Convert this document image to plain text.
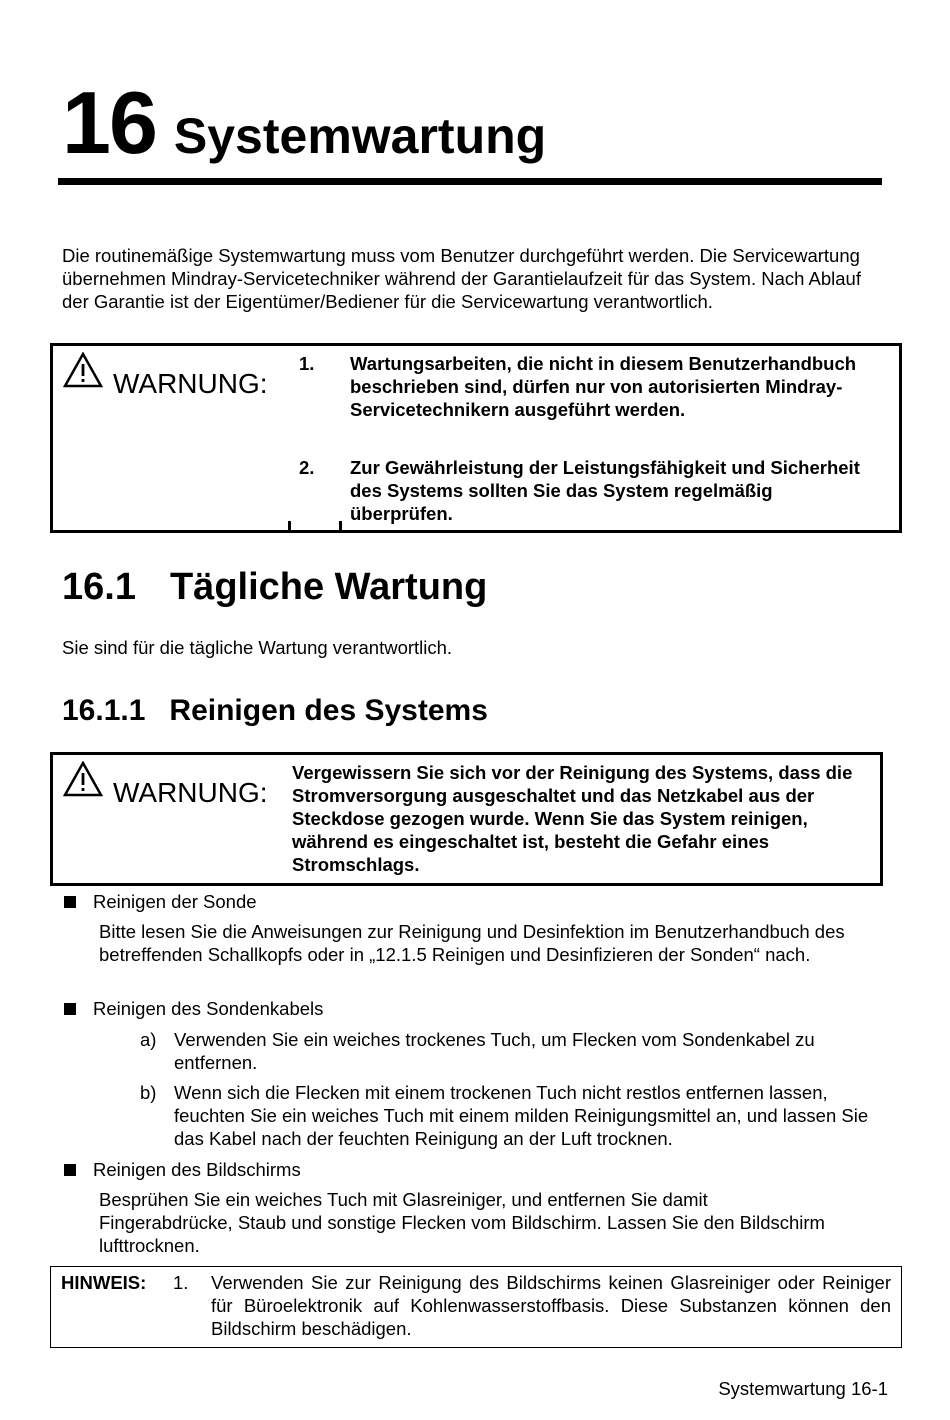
16 Systemwartung
Die routinemäßige Systemwartung muss vom Benutzer durchgeführt werden. Die Servicewartung übernehmen Mindray-Servicetechniker während der Garantielaufzeit für das System. Nach Ablauf der Garantie ist der Eigentümer/Bediener für die Servicewartung verantwortlich.
WARNUNG:
1. Wartungsarbeiten, die nicht in diesem Benutzerhandbuch beschrieben sind, dürfen nur von autorisierten Mindray-Servicetechnikern ausgeführt werden.
2. Zur Gewährleistung der Leistungsfähigkeit und Sicherheit des Systems sollten Sie das System regelmäßig überprüfen.
16.1 Tägliche Wartung
Sie sind für die tägliche Wartung verantwortlich.
16.1.1 Reinigen des Systems
WARNUNG:
Vergewissern Sie sich vor der Reinigung des Systems, dass die Stromversorgung ausgeschaltet und das Netzkabel aus der Steckdose gezogen wurde. Wenn Sie das System reinigen, während es eingeschaltet ist, besteht die Gefahr eines Stromschlags.
Reinigen der Sonde
Bitte lesen Sie die Anweisungen zur Reinigung und Desinfektion im Benutzerhandbuch des betreffenden Schallkopfs oder in „12.1.5 Reinigen und Desinfizieren der Sonden“ nach.
Reinigen des Sondenkabels
a) Verwenden Sie ein weiches trockenes Tuch, um Flecken vom Sondenkabel zu entfernen.
b) Wenn sich die Flecken mit einem trockenen Tuch nicht restlos entfernen lassen, feuchten Sie ein weiches Tuch mit einem milden Reinigungsmittel an, und lassen Sie das Kabel nach der feuchten Reinigung an der Luft trocknen.
Reinigen des Bildschirms
Besprühen Sie ein weiches Tuch mit Glasreiniger, und entfernen Sie damit Fingerabdrücke, Staub und sonstige Flecken vom Bildschirm. Lassen Sie den Bildschirm lufttrocknen.
HINWEIS: 1. Verwenden Sie zur Reinigung des Bildschirms keinen Glasreiniger oder Reiniger für Büroelektronik auf Kohlenwasserstoffbasis. Diese Substanzen können den Bildschirm beschädigen.
Systemwartung 16-1
